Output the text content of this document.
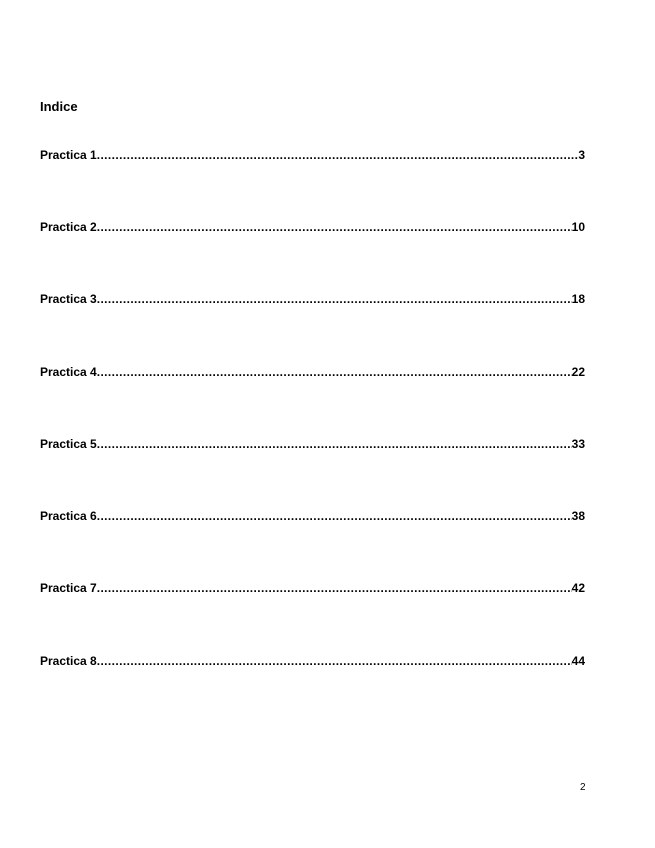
Indice
Practica 1 .....	3
Practica 2 .....	10
Practica 3 .....	18
Practica 4 .....	22
Practica 5 .....	33
Practica 6 .....	38
Practica 7 .....	42
Practica 8 .....	44
2
